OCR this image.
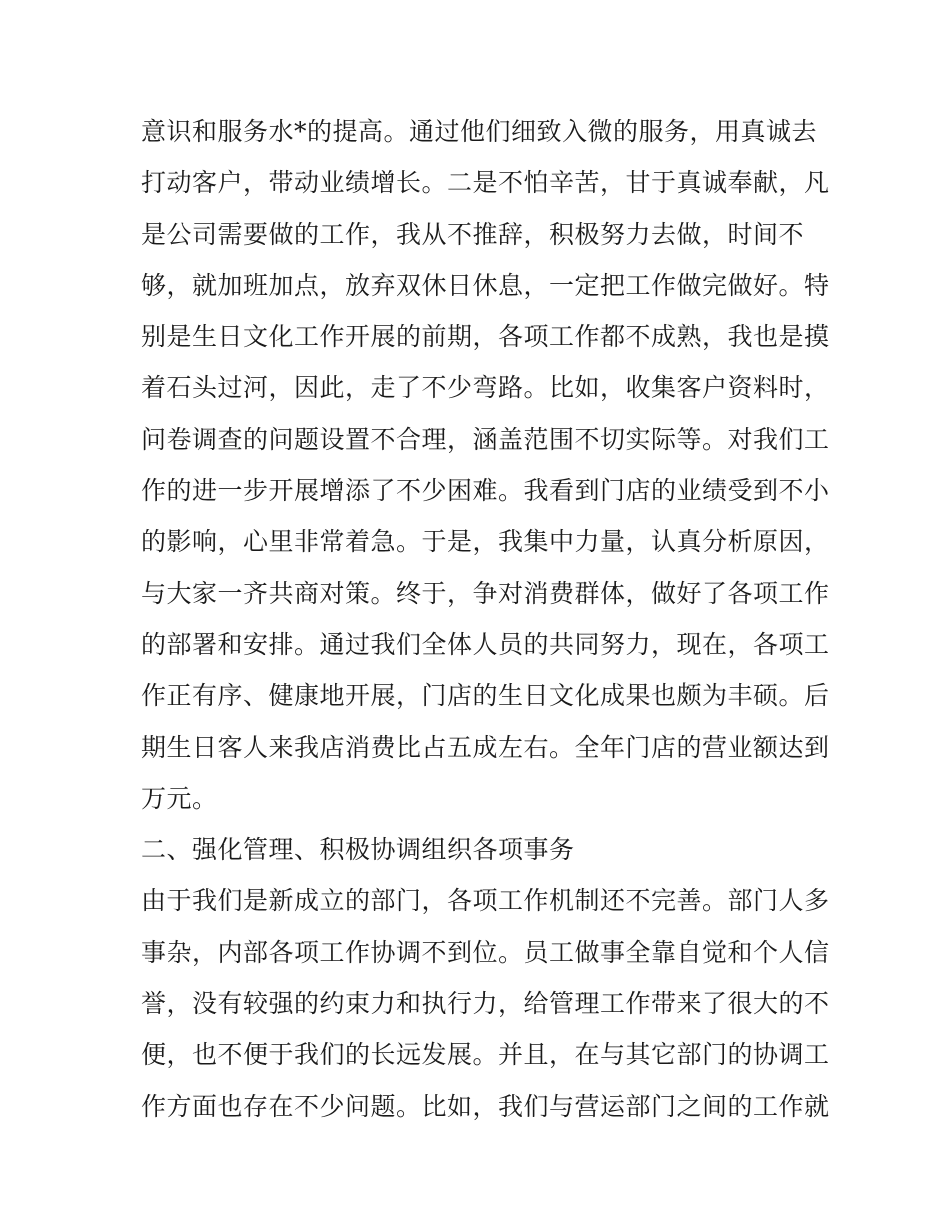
意识和服务水*的提高。通过他们细致入微的服务，用真诚去
打动客户，带动业绩增长。二是不怕辛苦，甘于真诚奉献，凡
是公司需要做的工作，我从不推辞，积极努力去做，时间不
够，就加班加点，放弃双休日休息，一定把工作做完做好。特
别是生日文化工作开展的前期，各项工作都不成熟，我也是摸
着石头过河，因此，走了不少弯路。比如，收集客户资料时，
问卷调查的问题设置不合理，涵盖范围不切实际等。对我们工
作的进一步开展增添了不少困难。我看到门店的业绩受到不小
的影响，心里非常着急。于是，我集中力量，认真分析原因，
与大家一齐共商对策。终于，争对消费群体，做好了各项工作
的部署和安排。通过我们全体人员的共同努力，现在，各项工
作正有序、健康地开展，门店的生日文化成果也颇为丰硕。后
期生日客人来我店消费比占五成左右。全年门店的营业额达到
万元。
二、强化管理、积极协调组织各项事务
由于我们是新成立的部门，各项工作机制还不完善。部门人多
事杂，内部各项工作协调不到位。员工做事全靠自觉和个人信
誉，没有较强的约束力和执行力，给管理工作带来了很大的不
便，也不便于我们的长远发展。并且，在与其它部门的协调工
作方面也存在不少问题。比如，我们与营运部门之间的工作就
